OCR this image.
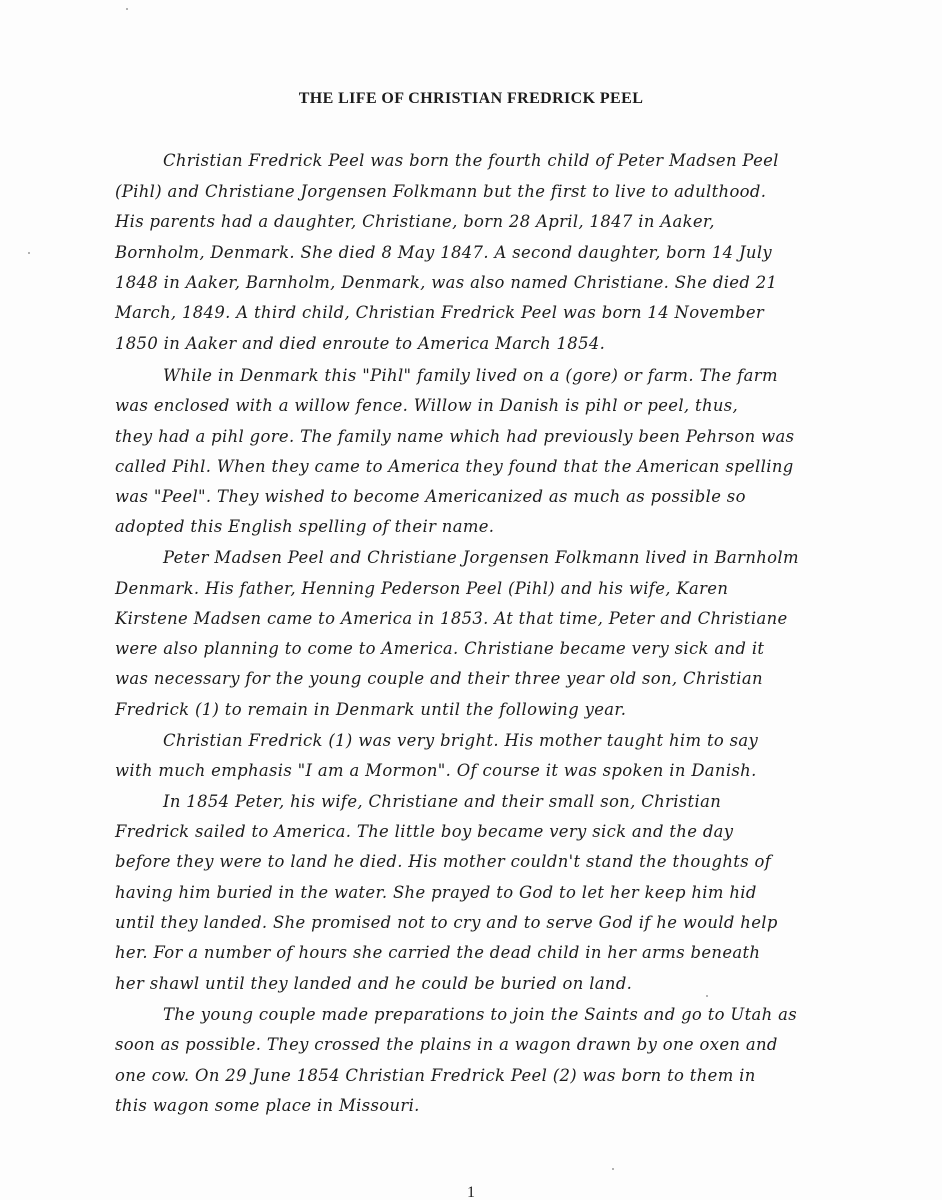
THE LIFE OF CHRISTIAN FREDRICK PEEL
Christian Fredrick Peel was born the fourth child of Peter Madsen Peel
(Pihl) and Christiane Jorgensen Folkmann but the first to live to adulthood.
His parents had a daughter, Christiane, born 28 April, 1847 in Aaker,
Bornholm, Denmark. She died 8 May 1847. A second daughter, born 14 July
1848 in Aaker, Barnholm, Denmark, was also named Christiane. She died 21
March, 1849. A third child, Christian Fredrick Peel was born 14 November
1850 in Aaker and died enroute to America March 1854.
While in Denmark this "Pihl" family lived on a (gore) or farm. The farm
was enclosed with a willow fence. Willow in Danish is pihl or peel, thus,
they had a pihl gore. The family name which had previously been Pehrson was
called Pihl. When they came to America they found that the American spelling
was "Peel". They wished to become Americanized as much as possible so
adopted this English spelling of their name.
Peter Madsen Peel and Christiane Jorgensen Folkmann lived in Barnholm
Denmark. His father, Henning Pederson Peel (Pihl) and his wife, Karen
Kirstene Madsen came to America in 1853. At that time, Peter and Christiane
were also planning to come to America. Christiane became very sick and it
was necessary for the young couple and their three year old son, Christian
Fredrick (1) to remain in Denmark until the following year.
Christian Fredrick (1) was very bright. His mother taught him to say
with much emphasis "I am a Mormon". Of course it was spoken in Danish.
In 1854 Peter, his wife, Christiane and their small son, Christian
Fredrick sailed to America. The little boy became very sick and the day
before they were to land he died. His mother couldn't stand the thoughts of
having him buried in the water. She prayed to God to let her keep him hid
until they landed. She promised not to cry and to serve God if he would help
her. For a number of hours she carried the dead child in her arms beneath
her shawl until they landed and he could be buried on land.
The young couple made preparations to join the Saints and go to Utah as
soon as possible. They crossed the plains in a wagon drawn by one oxen and
one cow. On 29 June 1854 Christian Fredrick Peel (2) was born to them in
this wagon some place in Missouri.
1
